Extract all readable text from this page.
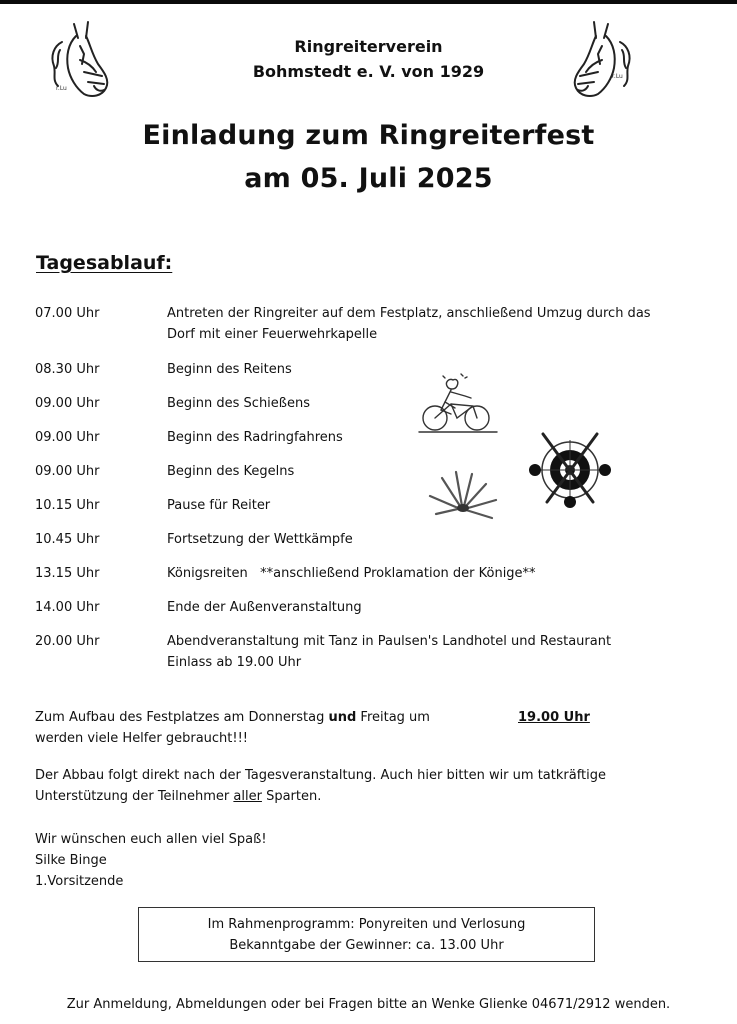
r.Lu
Ringreiterverein
Bohmstedt e. V. von 1929	r.Lu
Einladung zum Ringreiterfest
am 05. Juli 2025
Tagesablauf:
07.00 Uhr	Antreten der Ringreiter auf dem Festplatz, anschließend Umzug durch das
Dorf mit einer Feuerwehrkapelle
08.30 Uhr	Beginn des Reitens
09.00 Uhr	Beginn des Schießens
09.00 Uhr	Beginn des Radringfahrens
09.00 Uhr	Beginn des Kegelns
10.15 Uhr	Pause für Reiter
10.45 Uhr	Fortsetzung der Wettkämpfe
13.15 Uhr	Königsreiten   **anschließend Proklamation der Könige**
14.00 Uhr	Ende der Außenveranstaltung
20.00 Uhr	Abendveranstaltung mit Tanz in Paulsen's Landhotel und Restaurant
Einlass ab 19.00 Uhr
Zum Aufbau des Festplatzes am Donnerstag und Freitag um	19.00 Uhr
werden viele Helfer gebraucht!!!
Der Abbau folgt direkt nach der Tagesveranstaltung. Auch hier bitten wir um tatkräftige
Unterstützung der Teilnehmer aller Sparten.
Wir wünschen euch allen viel Spaß!
Silke Binge
1.Vorsitzende
Im Rahmenprogramm: Ponyreiten und Verlosung
Bekanntgabe der Gewinner: ca. 13.00 Uhr
Zur Anmeldung, Abmeldungen oder bei Fragen bitte an Wenke Glienke 04671/2912 wenden.
